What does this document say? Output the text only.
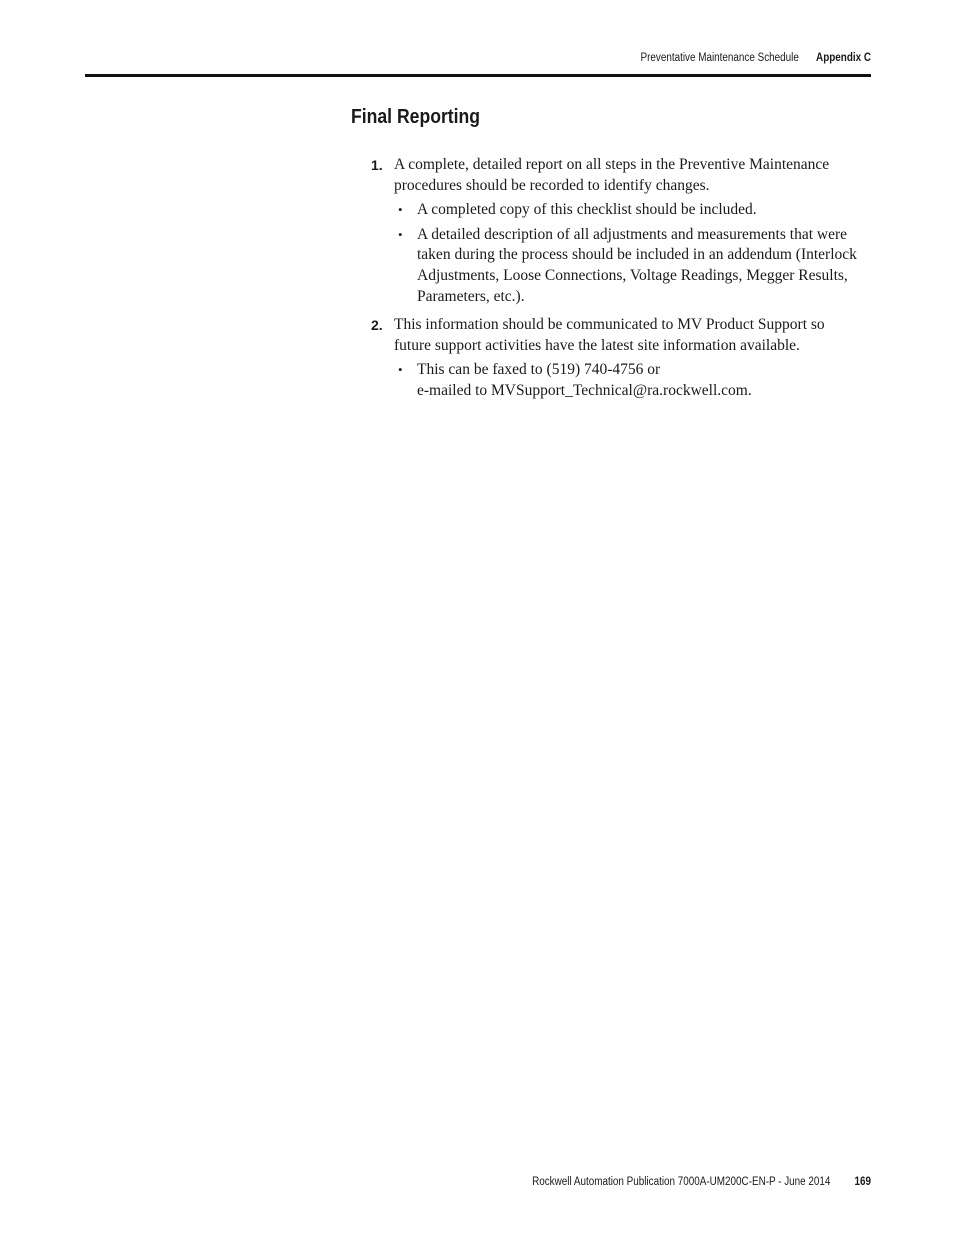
Preventative Maintenance Schedule Appendix C
Final Reporting
1. A complete, detailed report on all steps in the Preventive Maintenance procedures should be recorded to identify changes.

• A completed copy of this checklist should be included.
• A detailed description of all adjustments and measurements that were taken during the process should be included in an addendum (Interlock Adjustments, Loose Connections, Voltage Readings, Megger Results, Parameters, etc.).
2. This information should be communicated to MV Product Support so future support activities have the latest site information available.

• This can be faxed to (519) 740-4756 or
e-mailed to MVSupport_Technical@ra.rockwell.com.
Rockwell Automation Publication 7000A-UM200C-EN-P - June 2014 169
